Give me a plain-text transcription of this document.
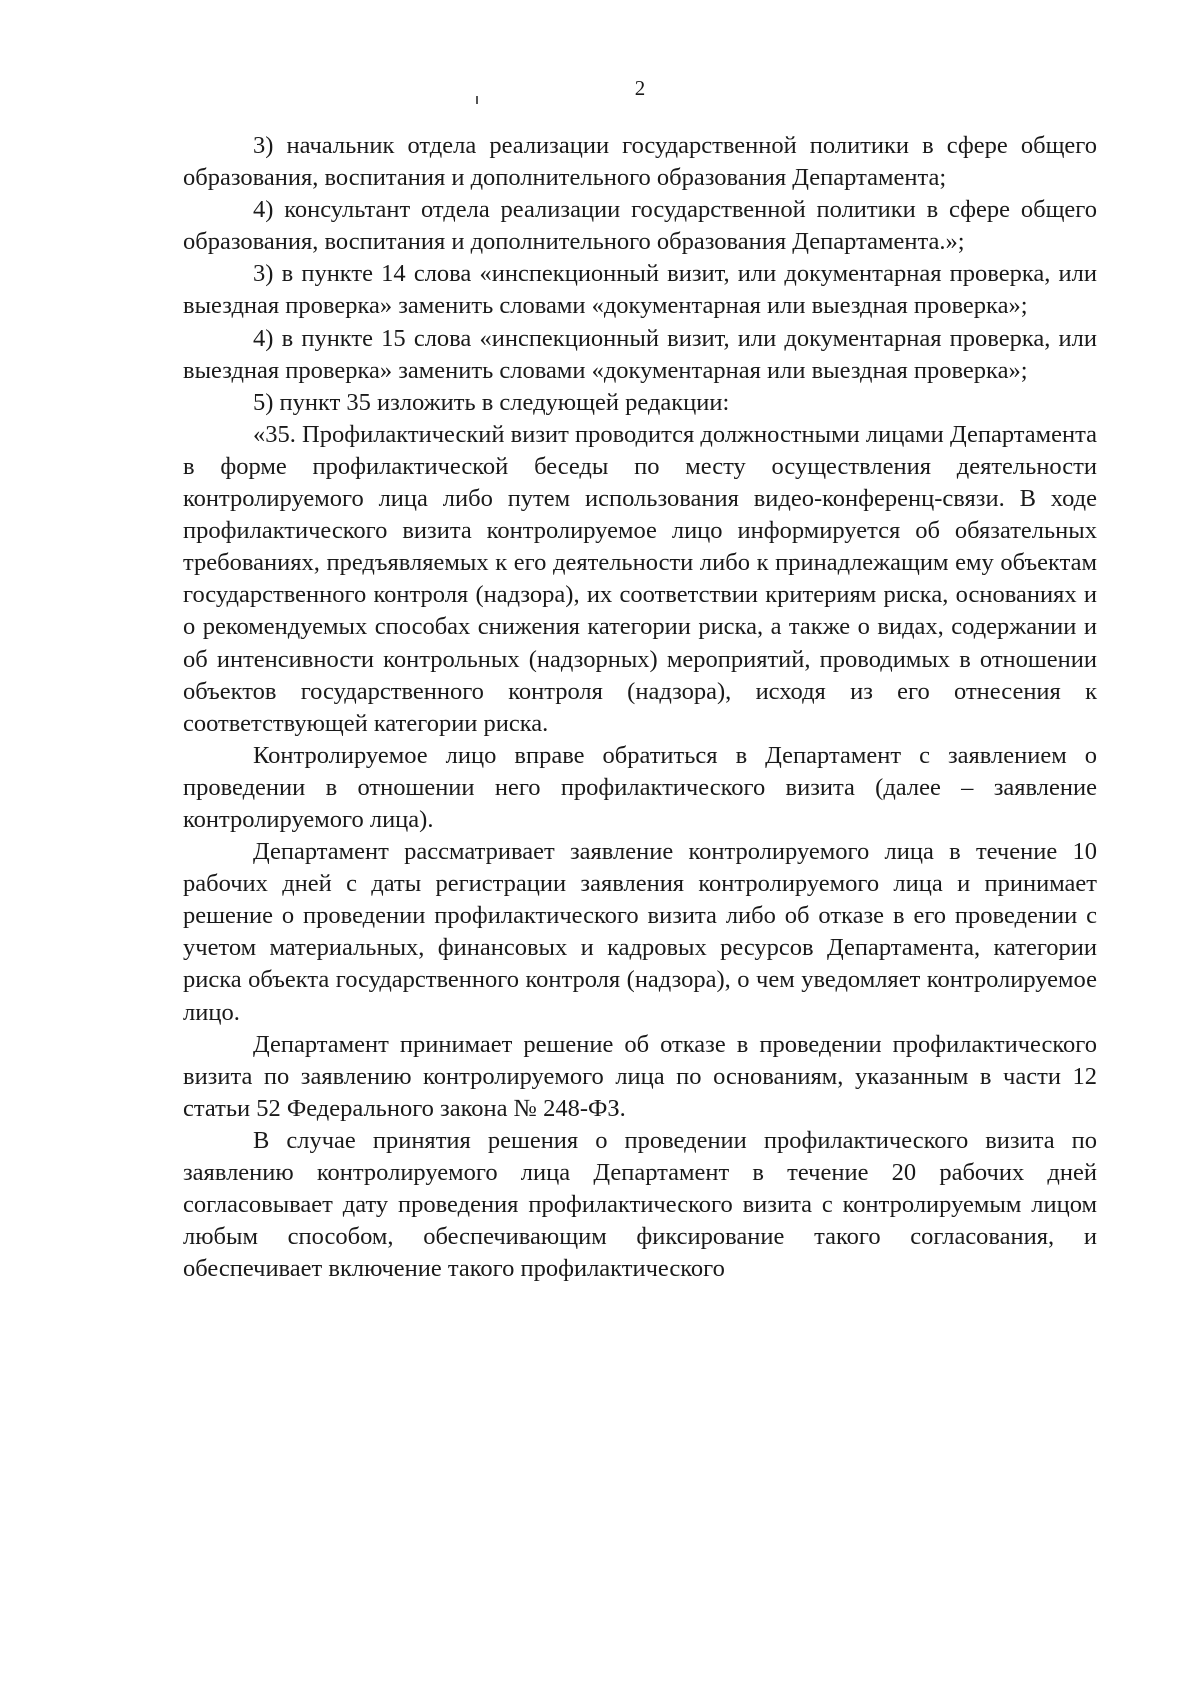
2

3) начальник отдела реализации государственной политики в сфере общего образования, воспитания и дополнительного образования Департамента;

4) консультант отдела реализации государственной политики в сфере общего образования, воспитания и дополнительного образования Департамента.»;

3) в пункте 14 слова «инспекционный визит, или документарная проверка, или выездная проверка» заменить словами «документарная или выездная проверка»;

4) в пункте 15 слова «инспекционный визит, или документарная проверка, или выездная проверка» заменить словами «документарная или выездная проверка»;

5) пункт 35 изложить в следующей редакции:

«35. Профилактический визит проводится должностными лицами Департамента в форме профилактической беседы по месту осуществления деятельности контролируемого лица либо путем использования видео-конференц-связи. В ходе профилактического визита контролируемое лицо информируется об обязательных требованиях, предъявляемых к его деятельности либо к принадлежащим ему объектам государственного контроля (надзора), их соответствии критериям риска, основаниях и о рекомендуемых способах снижения категории риска, а также о видах, содержании и об интенсивности контрольных (надзорных) мероприятий, проводимых в отношении объектов государственного контроля (надзора), исходя из его отнесения к соответствующей категории риска.

Контролируемое лицо вправе обратиться в Департамент с заявлением о проведении в отношении него профилактического визита (далее – заявление контролируемого лица).

Департамент рассматривает заявление контролируемого лица в течение 10 рабочих дней с даты регистрации заявления контролируемого лица и принимает решение о проведении профилактического визита либо об отказе в его проведении с учетом материальных, финансовых и кадровых ресурсов Департамента, категории риска объекта государственного контроля (надзора), о чем уведомляет контролируемое лицо.

Департамент принимает решение об отказе в проведении профилактического визита по заявлению контролируемого лица по основаниям, указанным в части 12 статьи 52 Федерального закона № 248-ФЗ.

В случае принятия решения о проведении профилактического визита по заявлению контролируемого лица Департамент в течение 20 рабочих дней согласовывает дату проведения профилактического визита с контролируемым лицом любым способом, обеспечивающим фиксирование такого согласования, и обеспечивает включение такого профилактического
